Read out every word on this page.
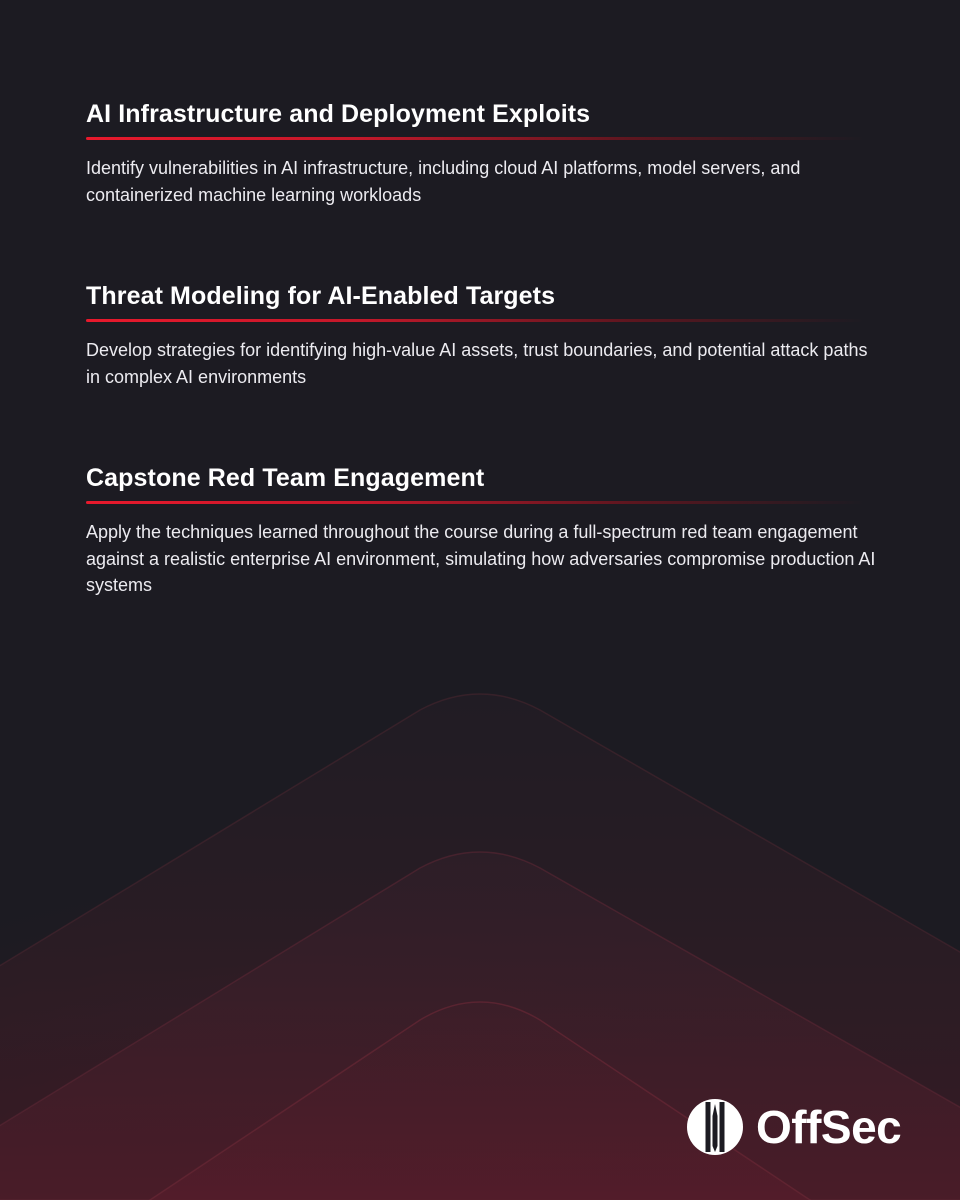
AI Infrastructure and Deployment Exploits

Identify vulnerabilities in AI infrastructure, including cloud AI platforms, model servers, and containerized machine learning workloads

Threat Modeling for AI-Enabled Targets

Develop strategies for identifying high-value AI assets, trust boundaries, and potential attack paths in complex AI environments

Capstone Red Team Engagement

Apply the techniques learned throughout the course during a full-spectrum red team engagement against a realistic enterprise AI environment, simulating how adversaries compromise production AI systems

OffSec
